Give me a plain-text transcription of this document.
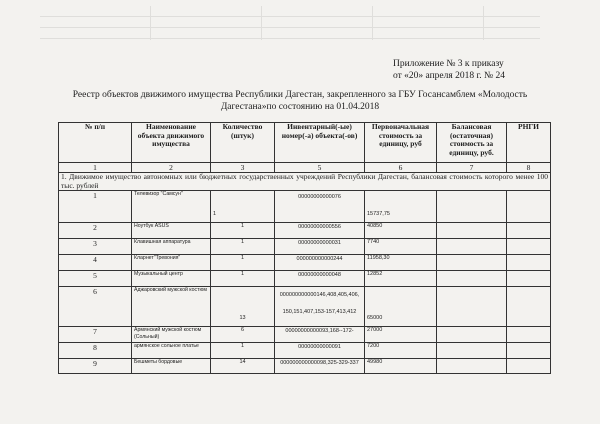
Приложение № 3 к приказу
от «20» апреля 2018 г. № 24
Реестр объектов движимого имущества Республики Дагестан, закрепленного за ГБУ Госансамблем «Молодость Дагестана»по состоянию на 01.04.2018
№ п/п	Наименование объекта движимого имущества	Количество (штук)	Инвентарный(-ые) номер(-а) объекта(-ов)	Первоначальная стоимость за единицу, руб	Балансовая (остаточная) стоимость за единицу, руб.	РНГИ
1	2	3	5	6	7	8
1. Движимое имущество автономных или бюджетных государственных учреждений Республики Дагестан, балансовая стоимость которого менее 100 тыс. рублей						
1	Телевизор "Самсун"	1	00000000000076	15737,75		
2	Ноутбук ASUS	1	00000000000556	40850		
3	Клавишная аппаратура	1	00000000000031	7740		
4	Кларнет"Тревония"	1	000000000000244	11958,30		
5	Музыкальный центр	1	00000000000048	12852		
6	Аджаровский мужской костюм	13	000000000000146,408,405,406,
150,151,407,153-157,413,412	65000		
7	Армянский мужской костюм (Сольный)	6	00000000000093,168--172-	27000		
8	армянское сольное платье	1	00000000000091	7200		
9	Бешметы бордовые	14	000000000000098,325-329-337	49980		
